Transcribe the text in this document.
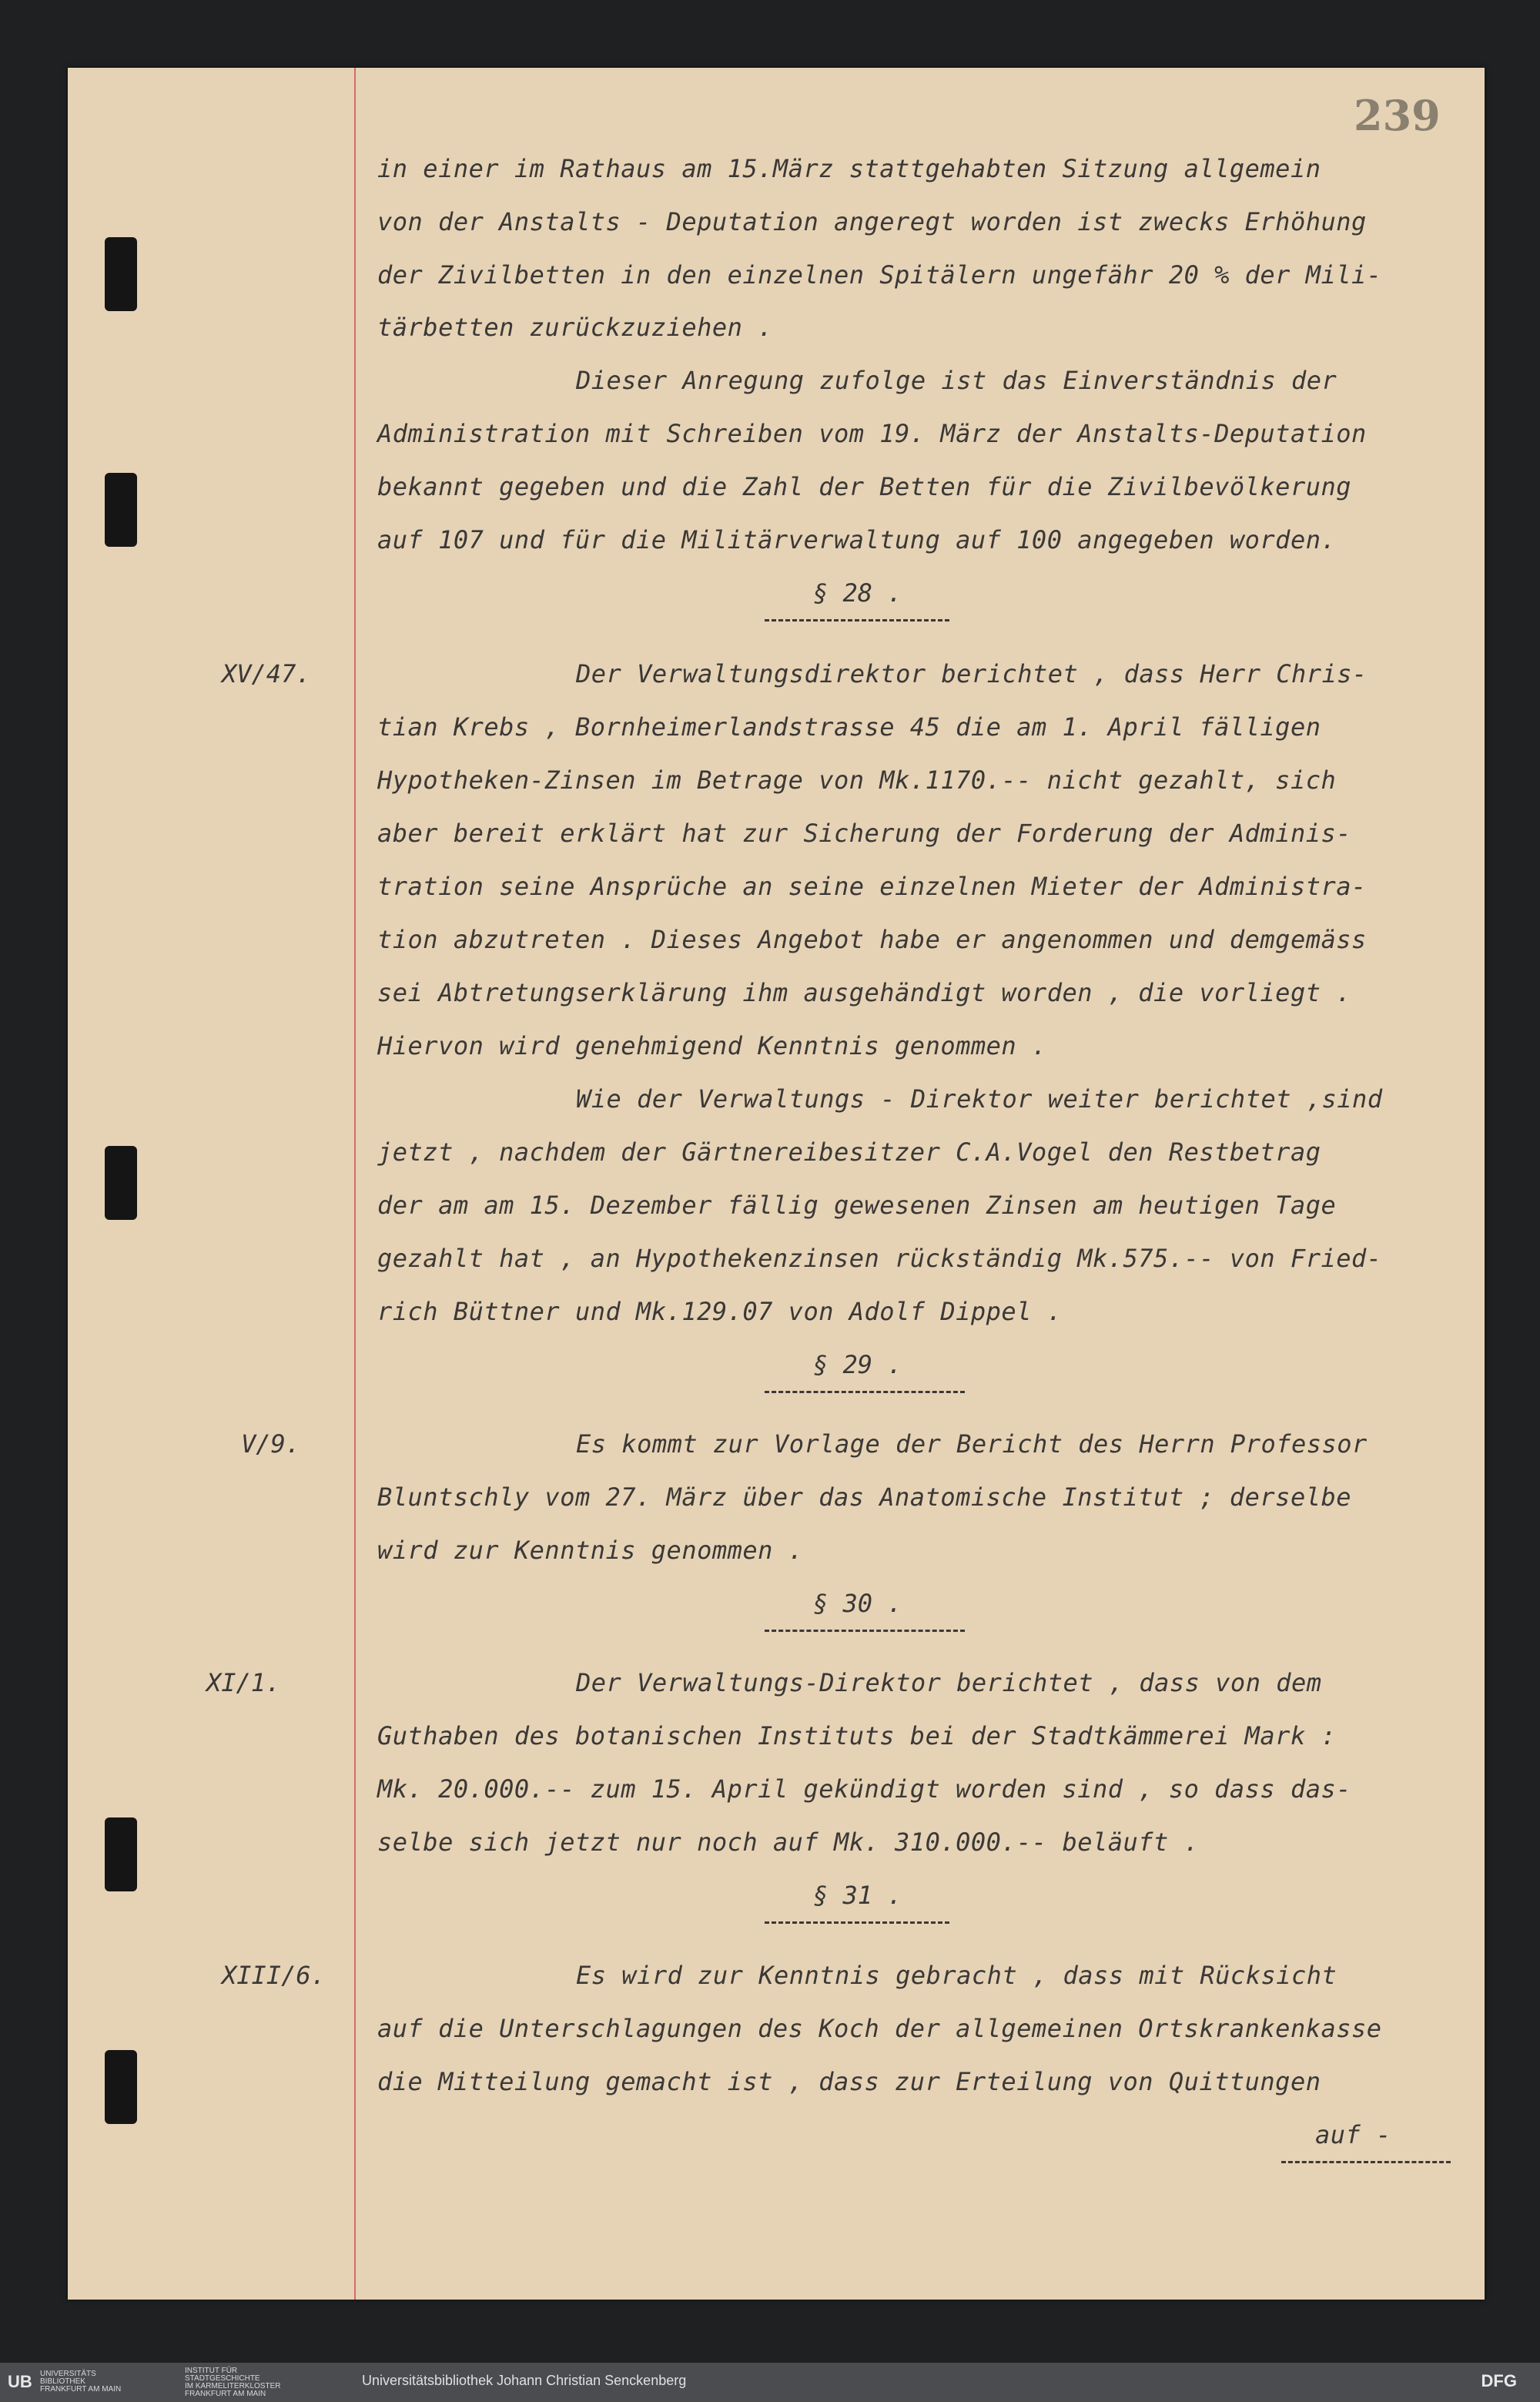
239
in einer im Rathaus am 15.März stattgehabten Sitzung allgemein
von der Anstalts - Deputation angeregt worden ist zwecks Erhöhung
der Zivilbetten in den einzelnen Spitälern ungefähr 20 % der Mili-
tärbetten zurückzuziehen .
Dieser Anregung zufolge ist das Einverständnis der
Administration mit Schreiben vom 19. März der Anstalts-Deputation
bekannt gegeben und die Zahl der Betten für die Zivilbevölkerung
auf 107 und für die Militärverwaltung auf 100 angegeben worden.
§ 28 .
XV/47.	Der Verwaltungsdirektor berichtet , dass Herr Chris-
tian Krebs , Bornheimerlandstrasse 45 die am 1. April fälligen
Hypotheken-Zinsen im Betrage von Mk.1170.-- nicht gezahlt, sich
aber bereit erklärt hat zur Sicherung der Forderung der Adminis-
tration seine Ansprüche an seine einzelnen Mieter der Administra-
tion abzutreten . Dieses Angebot habe er angenommen und demgemäss
sei Abtretungserklärung ihm ausgehändigt worden , die vorliegt .
Hiervon wird genehmigend Kenntnis genommen .
Wie der Verwaltungs - Direktor weiter berichtet ,sind
jetzt , nachdem der Gärtnereibesitzer C.A.Vogel den Restbetrag
der am am 15. Dezember fällig gewesenen Zinsen am heutigen Tage
gezahlt hat , an Hypothekenzinsen rückständig Mk.575.-- von Fried-
rich Büttner und Mk.129.07 von Adolf Dippel .
§ 29 .
V/9.	Es kommt zur Vorlage der Bericht des Herrn Professor
Bluntschly vom 27. März über das Anatomische Institut ; derselbe
wird zur Kenntnis genommen .
§ 30 .
XI/1.	Der Verwaltungs-Direktor berichtet , dass von dem
Guthaben des botanischen Instituts bei der Stadtkämmerei Mark :
Mk. 20.000.-- zum 15. April gekündigt worden sind , so dass das-
selbe sich jetzt nur noch auf Mk. 310.000.-- beläuft .
§ 31 .
XIII/6.	Es wird zur Kenntnis gebracht , dass mit Rücksicht
auf die Unterschlagungen des Koch der allgemeinen Ortskrankenkasse
die Mitteilung gemacht ist , dass zur Erteilung von Quittungen
auf -
UB UNIVERSITÄTS
BIBLIOTHEK
FRANKFURT AM MAIN
INSTITUT FÜR
STADTGESCHICHTE
IM KARMELITERKLOSTER
FRANKFURT AM MAIN
Universitätsbibliothek Johann Christian Senckenberg	DFG
